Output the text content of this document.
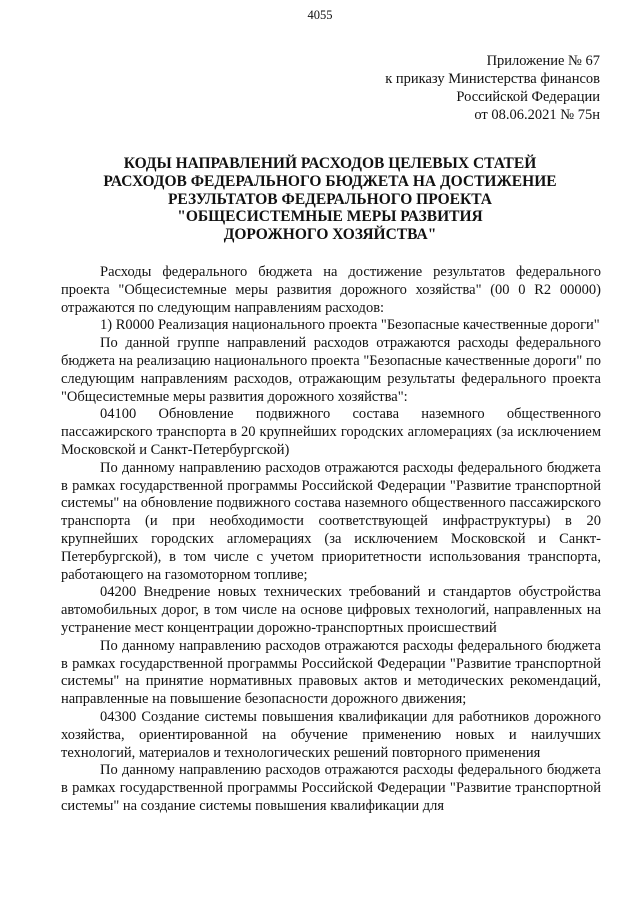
4055
Приложение № 67
к приказу Министерства финансов
Российской Федерации
от 08.06.2021 № 75н
КОДЫ НАПРАВЛЕНИЙ РАСХОДОВ ЦЕЛЕВЫХ СТАТЕЙ
РАСХОДОВ ФЕДЕРАЛЬНОГО БЮДЖЕТА НА ДОСТИЖЕНИЕ
РЕЗУЛЬТАТОВ ФЕДЕРАЛЬНОГО ПРОЕКТА
"ОБЩЕСИСТЕМНЫЕ МЕРЫ РАЗВИТИЯ
ДОРОЖНОГО ХОЗЯЙСТВА"

Расходы федерального бюджета на достижение результатов федерального проекта "Общесистемные меры развития дорожного хозяйства" (00 0 R2 00000) отражаются по следующим направлениям расходов:

1) R0000 Реализация национального проекта "Безопасные качественные дороги"

По данной группе направлений расходов отражаются расходы федерального бюджета на реализацию национального проекта "Безопасные качественные дороги" по следующим направлениям расходов, отражающим результаты федерального проекта "Общесистемные меры развития дорожного хозяйства":

04100 Обновление подвижного состава наземного общественного пассажирского транспорта в 20 крупнейших городских агломерациях (за исключением Московской и Санкт-Петербургской)

По данному направлению расходов отражаются расходы федерального бюджета в рамках государственной программы Российской Федерации "Развитие транспортной системы" на обновление подвижного состава наземного общественного пассажирского транспорта (и при необходимости соответствующей инфраструктуры) в 20 крупнейших городских агломерациях (за исключением Московской и Санкт-Петербургской), в том числе с учетом приоритетности использования транспорта, работающего на газомоторном топливе;

04200 Внедрение новых технических требований и стандартов обустройства автомобильных дорог, в том числе на основе цифровых технологий, направленных на устранение мест концентрации дорожно-транспортных происшествий

По данному направлению расходов отражаются расходы федерального бюджета в рамках государственной программы Российской Федерации "Развитие транспортной системы" на принятие нормативных правовых актов и методических рекомендаций, направленные на повышение безопасности дорожного движения;

04300 Создание системы повышения квалификации для работников дорожного хозяйства, ориентированной на обучение применению новых и наилучших технологий, материалов и технологических решений повторного применения

По данному направлению расходов отражаются расходы федерального бюджета в рамках государственной программы Российской Федерации "Развитие транспортной системы" на создание системы повышения квалификации для
